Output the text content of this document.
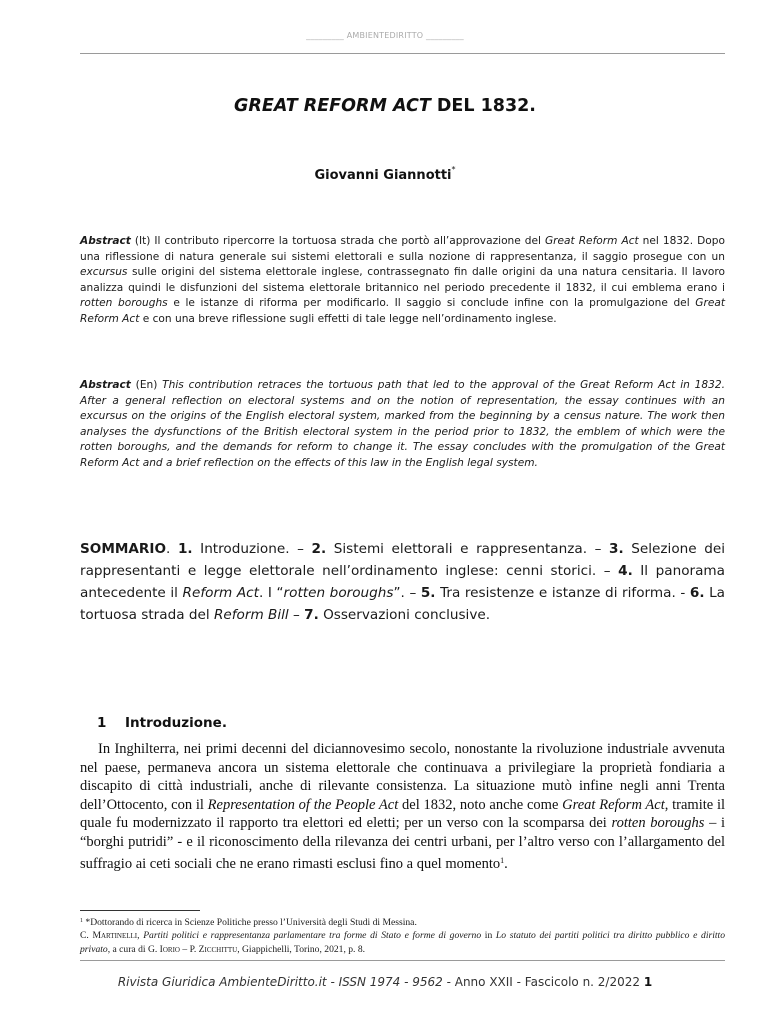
_________ AMBIENTEDIRITTO _________
GREAT REFORM ACT DEL 1832.
Giovanni Giannotti*
Abstract (It) Il contributo ripercorre la tortuosa strada che portò all’approvazione del Great Reform Act nel 1832. Dopo una riflessione di natura generale sui sistemi elettorali e sulla nozione di rappresentanza, il saggio prosegue con un excursus sulle origini del sistema elettorale inglese, contrassegnato fin dalle origini da una natura censitaria. Il lavoro analizza quindi le disfunzioni del sistema elettorale britannico nel periodo precedente il 1832, il cui emblema erano i rotten boroughs e le istanze di riforma per modificarlo. Il saggio si conclude infine con la promulgazione del Great Reform Act e con una breve riflessione sugli effetti di tale legge nell’ordinamento inglese.
Abstract (En) This contribution retraces the tortuous path that led to the approval of the Great Reform Act in 1832. After a general reflection on electoral systems and on the notion of representation, the essay continues with an excursus on the origins of the English electoral system, marked from the beginning by a census nature. The work then analyses the dysfunctions of the British electoral system in the period prior to 1832, the emblem of which were the rotten boroughs, and the demands for reform to change it. The essay concludes with the promulgation of the Great Reform Act and a brief reflection on the effects of this law in the English legal system.
SOMMARIO. 1. Introduzione. – 2. Sistemi elettorali e rappresentanza. – 3. Selezione dei rappresentanti e legge elettorale nell’ordinamento inglese: cenni storici. – 4. Il panorama antecedente il Reform Act. I “rotten boroughs”. – 5. Tra resistenze e istanze di riforma. - 6. La tortuosa strada del Reform Bill – 7. Osservazioni conclusive.
1 Introduzione.
In Inghilterra, nei primi decenni del diciannovesimo secolo, nonostante la rivoluzione industriale avvenuta nel paese, permaneva ancora un sistema elettorale che continuava a privilegiare la proprietà fondiaria a discapito di città industriali, anche di rilevante consistenza. La situazione mutò infine negli anni Trenta dell’Ottocento, con il Representation of the People Act del 1832, noto anche come Great Reform Act, tramite il quale fu modernizzato il rapporto tra elettori ed eletti; per un verso con la scomparsa dei rotten boroughs – i “borghi putridi” - e il riconoscimento della rilevanza dei centri urbani, per l’altro verso con l’allargamento del suffragio ai ceti sociali che ne erano rimasti esclusi fino a quel momento$^1$.
$^1$ *Dottorando di ricerca in Scienze Politiche presso l’Università degli Studi di Messina.
C. Martinelli, Partiti politici e rappresentanza parlamentare tra forme di Stato e forme di governo in Lo statuto dei partiti politici tra diritto pubblico e diritto privato, a cura di G. Iorio – P. Zicchittu, Giappichelli, Torino, 2021, p. 8.
Rivista Giuridica AmbienteDiritto.it - ISSN 1974 - 9562 - Anno XXII - Fascicolo n. 2/2022 1
